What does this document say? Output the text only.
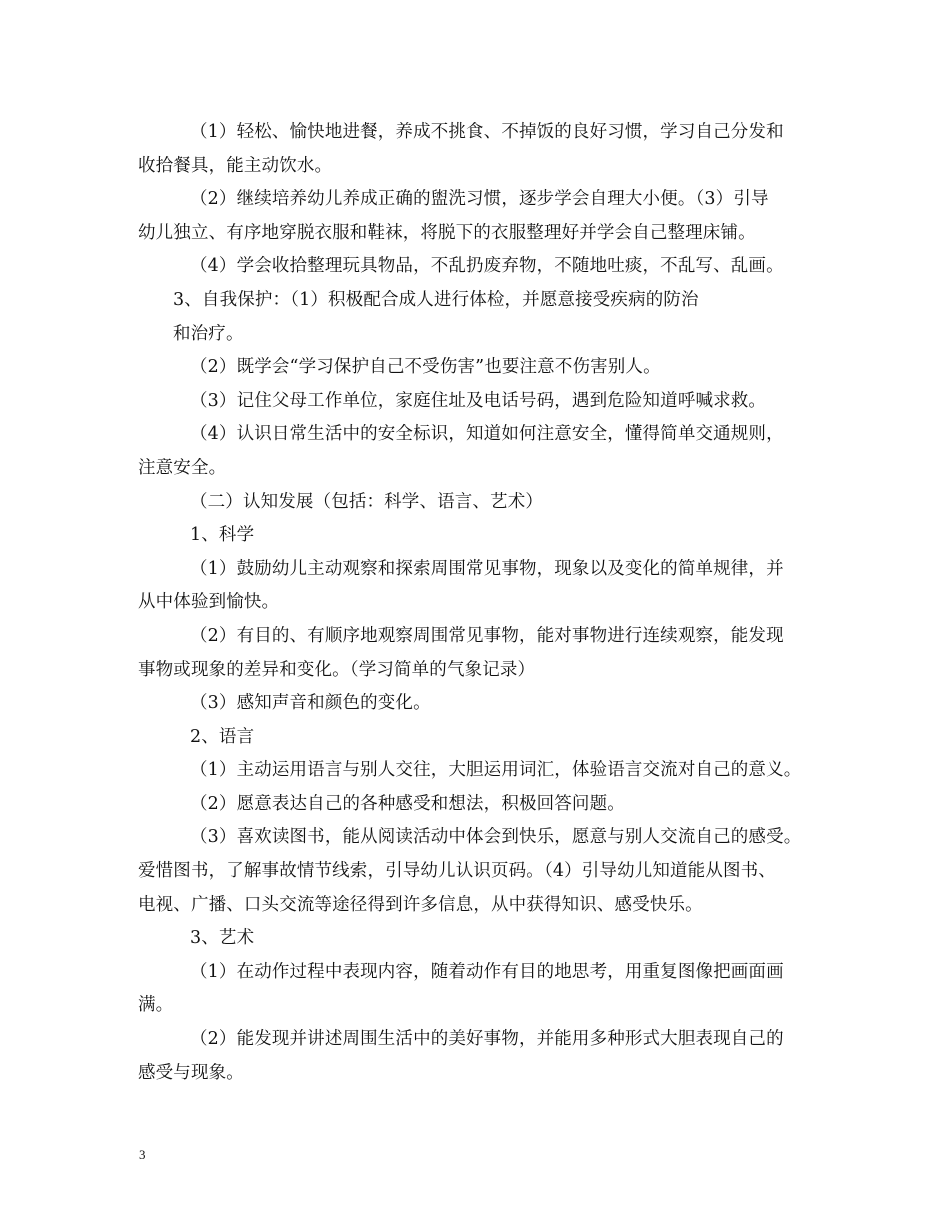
（1）轻松、愉快地进餐，养成不挑食、不掉饭的良好习惯，学习自己分发和
收拾餐具，能主动饮水。
（2）继续培养幼儿养成正确的盥洗习惯，逐步学会自理大小便。（3）引导
幼儿独立、有序地穿脱衣服和鞋袜，将脱下的衣服整理好并学会自己整理床铺。
（4）学会收拾整理玩具物品，不乱扔废弃物，不随地吐痰，不乱写、乱画。
3、自我保护：（1）积极配合成人进行体检，并愿意接受疾病的防治
和治疗。
（2）既学会“学习保护自己不受伤害”也要注意不伤害别人。
（3）记住父母工作单位，家庭住址及电话号码，遇到危险知道呼喊求救。
（4）认识日常生活中的安全标识，知道如何注意安全，懂得简单交通规则，
注意安全。
（二）认知发展（包括：科学、语言、艺术）
1、科学
（1）鼓励幼儿主动观察和探索周围常见事物，现象以及变化的简单规律，并
从中体验到愉快。
（2）有目的、有顺序地观察周围常见事物，能对事物进行连续观察，能发现
事物或现象的差异和变化。（学习简单的气象记录）
（3）感知声音和颜色的变化。
2、语言
（1）主动运用语言与别人交往，大胆运用词汇，体验语言交流对自己的意义。
（2）愿意表达自己的各种感受和想法，积极回答问题。
（3）喜欢读图书，能从阅读活动中体会到快乐，愿意与别人交流自己的感受。
爱惜图书，了解事故情节线索，引导幼儿认识页码。（4）引导幼儿知道能从图书、
电视、广播、口头交流等途径得到许多信息，从中获得知识、感受快乐。
3、艺术
（1）在动作过程中表现内容，随着动作有目的地思考，用重复图像把画面画
满。
（2）能发现并讲述周围生活中的美好事物，并能用多种形式大胆表现自己的
感受与现象。
3
